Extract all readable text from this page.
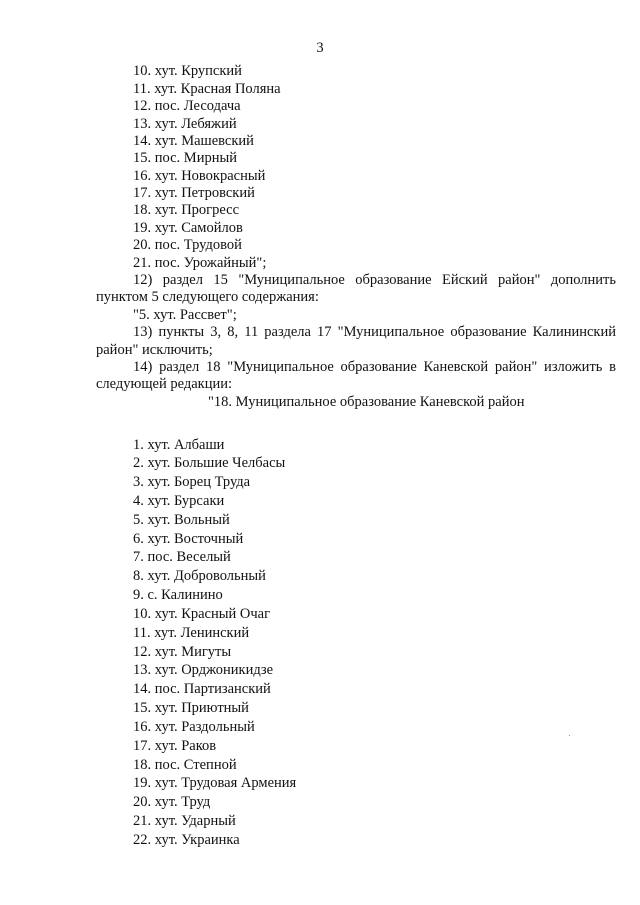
3
10. хут. Крупский
11. хут. Красная Поляна
12. пос. Лесодача
13. хут. Лебяжий
14. хут. Машевский
15. пос. Мирный
16. хут. Новокрасный
17. хут. Петровский
18. хут. Прогресс
19. хут. Самойлов
20. пос. Трудовой
21. пос. Урожайный";
12) раздел 15 "Муниципальное образование Ейский район" дополнить
пунктом 5 следующего содержания:
"5. хут. Рассвет";
13) пункты 3, 8, 11 раздела 17 "Муниципальное образование Калининский
район" исключить;
14) раздел 18 "Муниципальное образование Каневской район" изложить в
следующей редакции:
"18. Муниципальное образование Каневской район
1. хут. Албаши
2. хут. Большие Челбасы
3. хут. Борец Труда
4. хут. Бурсаки
5. хут. Вольный
6. хут. Восточный
7. пос. Веселый
8. хут. Добровольный
9. с. Калинино
10. хут. Красный Очаг
11. хут. Ленинский
12. хут. Мигуты
13. хут. Орджоникидзе
14. пос. Партизанский
15. хут. Приютный
16. хут. Раздольный
17. хут. Раков
18. пос. Степной
19. хут. Трудовая Армения
20. хут. Труд
21. хут. Ударный
22. хут. Украинка
